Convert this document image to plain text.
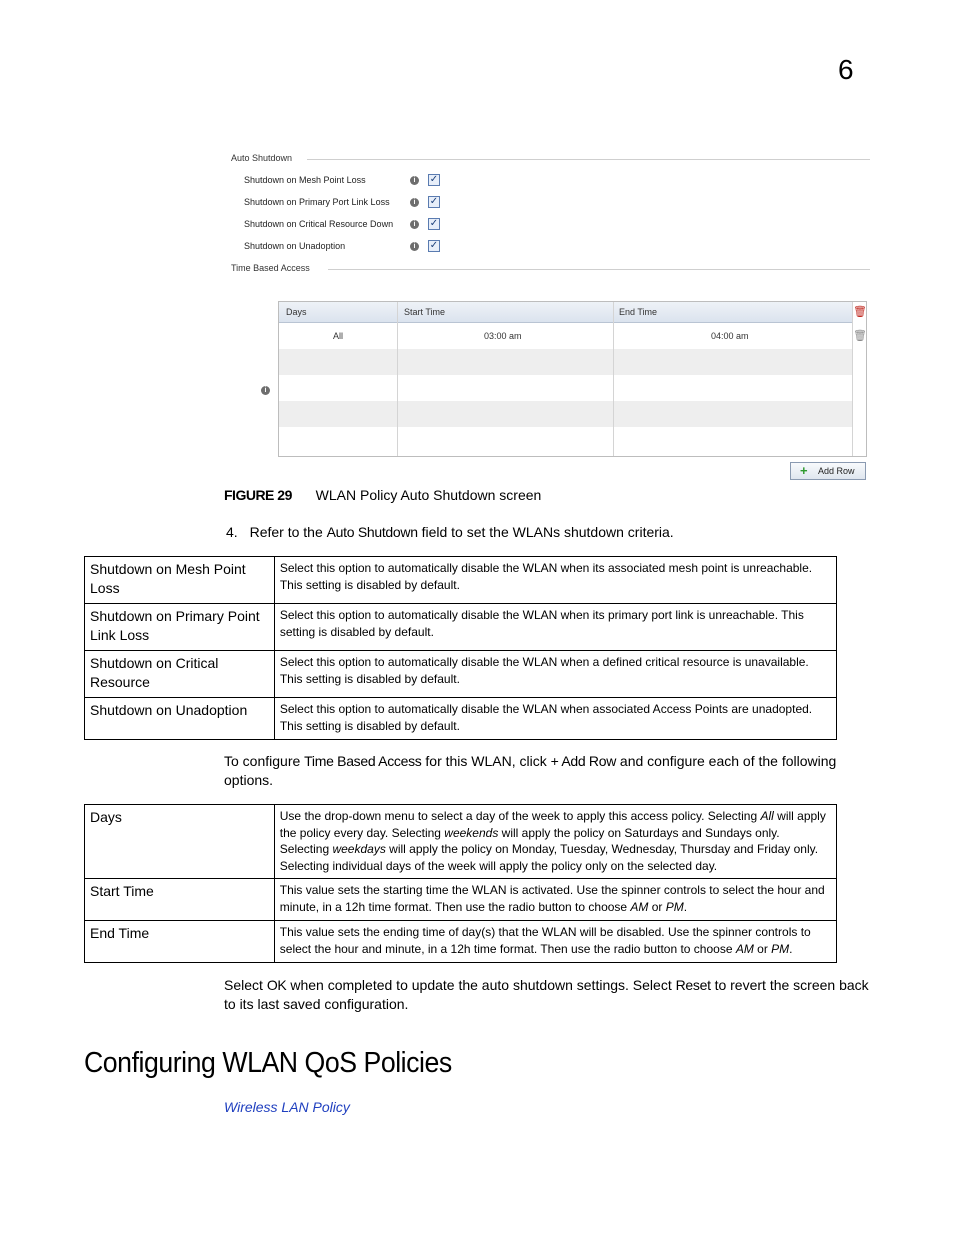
6
Auto Shutdown
Shutdown on Mesh Point Loss	i	✓
Shutdown on Primary Port Link Loss	i	✓
Shutdown on Critical Resource Down	i	✓
Shutdown on Unadoption	i	✓
Time Based Access
i
Days	Start Time	End Time
All	03:00 am	04:00 am
🗑
🗑
+ Add Row
FIGURE 29 WLAN Policy Auto Shutdown screen
4. Refer to the Auto Shutdown field to set the WLANs shutdown criteria.
Shutdown on Mesh Point Loss	Select this option to automatically disable the WLAN when its associated mesh point is unreachable. This setting is disabled by default.
Shutdown on Primary Point Link Loss	Select this option to automatically disable the WLAN when its primary port link is unreachable. This setting is disabled by default.
Shutdown on Critical Resource	Select this option to automatically disable the WLAN when a defined critical resource is unavailable. This setting is disabled by default.
Shutdown on Unadoption	Select this option to automatically disable the WLAN when associated Access Points are unadopted. This setting is disabled by default.
To configure Time Based Access for this WLAN, click + Add Row and configure each of the following options.
Days	Use the drop-down menu to select a day of the week to apply this access policy. Selecting All will apply the policy every day. Selecting weekends will apply the policy on Saturdays and Sundays only. Selecting weekdays will apply the policy on Monday, Tuesday, Wednesday, Thursday and Friday only. Selecting individual days of the week will apply the policy only on the selected day.
Start Time	This value sets the starting time the WLAN is activated. Use the spinner controls to select the hour and minute, in a 12h time format. Then use the radio button to choose AM or PM.
End Time	This value sets the ending time of day(s) that the WLAN will be disabled. Use the spinner controls to select the hour and minute, in a 12h time format. Then use the radio button to choose AM or PM.
Select OK when completed to update the auto shutdown settings. Select Reset to revert the screen back to its last saved configuration.
Configuring WLAN QoS Policies
Wireless LAN Policy
